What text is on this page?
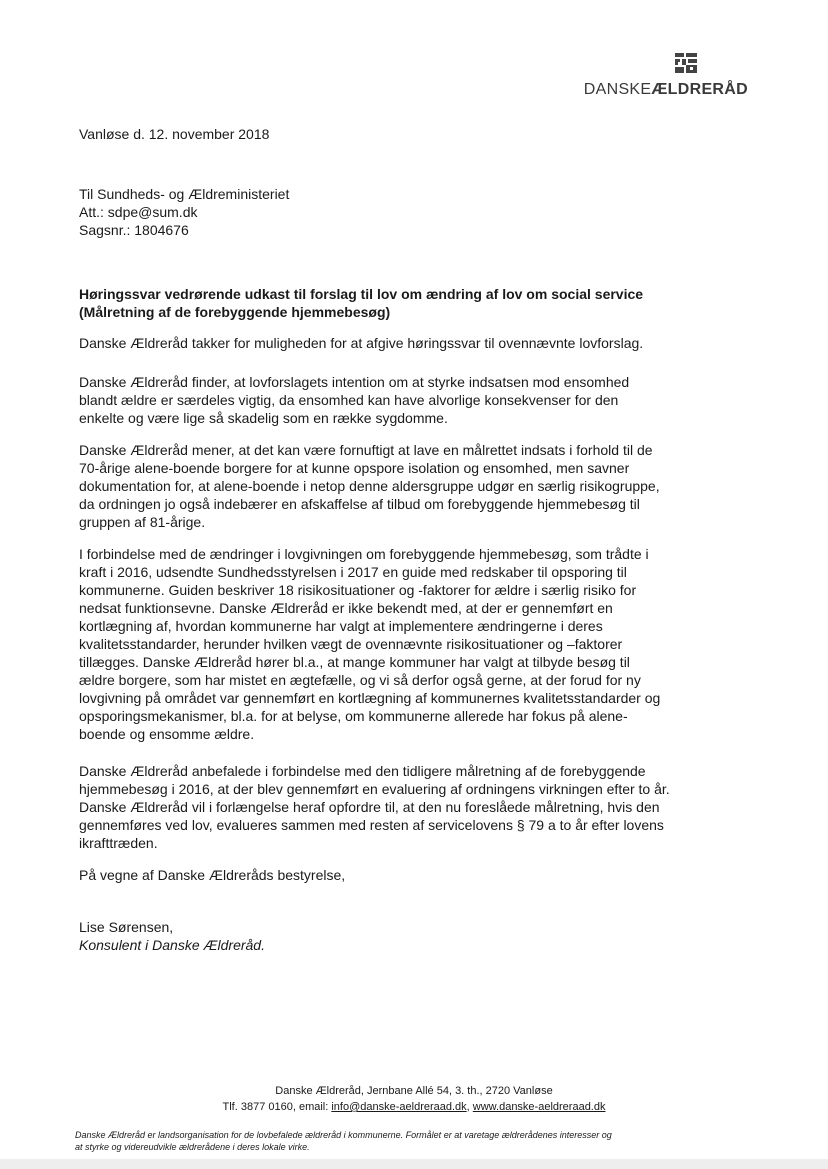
DANSKEÆLDRERÅD

Vanløse d. 12. november 2018

Til Sundheds- og Ældreministeriet

Att.: sdpe@sum.dk

Sagsnr.: 1804676

Høringssvar vedrørende udkast til forslag til lov om ændring af lov om social service

(Målretning af de forebyggende hjemmebesøg)

Danske Ældreråd takker for muligheden for at afgive høringssvar til ovennævnte lovforslag.

Danske Ældreråd finder, at lovforslagets intention om at styrke indsatsen mod ensomhed

blandt ældre er særdeles vigtig, da ensomhed kan have alvorlige konsekvenser for den

enkelte og være lige så skadelig som en række sygdomme.

Danske Ældreråd mener, at det kan være fornuftigt at lave en målrettet indsats i forhold til de

70-årige alene-boende borgere for at kunne opspore isolation og ensomhed, men savner

dokumentation for, at alene-boende i netop denne aldersgruppe udgør en særlig risikogruppe,

da ordningen jo også indebærer en afskaffelse af tilbud om forebyggende hjemmebesøg til

gruppen af 81-årige.

I forbindelse med de ændringer i lovgivningen om forebyggende hjemmebesøg, som trådte i

kraft i 2016, udsendte Sundhedsstyrelsen i 2017 en guide med redskaber til opsporing til

kommunerne. Guiden beskriver 18 risikosituationer og -faktorer for ældre i særlig risiko for

nedsat funktionsevne. Danske Ældreråd er ikke bekendt med, at der er gennemført en

kortlægning af, hvordan kommunerne har valgt at implementere ændringerne i deres

kvalitetsstandarder, herunder hvilken vægt de ovennævnte risikosituationer og –faktorer

tillægges. Danske Ældreråd hører bl.a., at mange kommuner har valgt at tilbyde besøg til

ældre borgere, som har mistet en ægtefælle, og vi så derfor også gerne, at der forud for ny

lovgivning på området var gennemført en kortlægning af kommunernes kvalitetsstandarder og

opsporingsmekanismer, bl.a. for at belyse, om kommunerne allerede har fokus på alene-

boende og ensomme ældre.

Danske Ældreråd anbefalede i forbindelse med den tidligere målretning af de forebyggende

hjemmebesøg i 2016, at der blev gennemført en evaluering af ordningens virkningen efter to år.

Danske Ældreråd vil i forlængelse heraf opfordre til, at den nu foreslåede målretning, hvis den

gennemføres ved lov, evalueres sammen med resten af servicelovens § 79 a to år efter lovens

ikrafttræden.

På vegne af Danske Ældreråds bestyrelse,

Lise Sørensen,

Konsulent i Danske Ældreråd.

Danske Ældreråd, Jernbane Allé 54, 3. th., 2720 Vanløse
Tlf. 3877 0160, email: info@danske-aeldreraad.dk, www.danske-aeldreraad.dk
Danske Ældreråd er landsorganisation for de lovbefalede ældreråd i kommunerne. Formålet er at varetage ældrerådenes interesser og
at styrke og videreudvikle ældrerådene i deres lokale virke.
